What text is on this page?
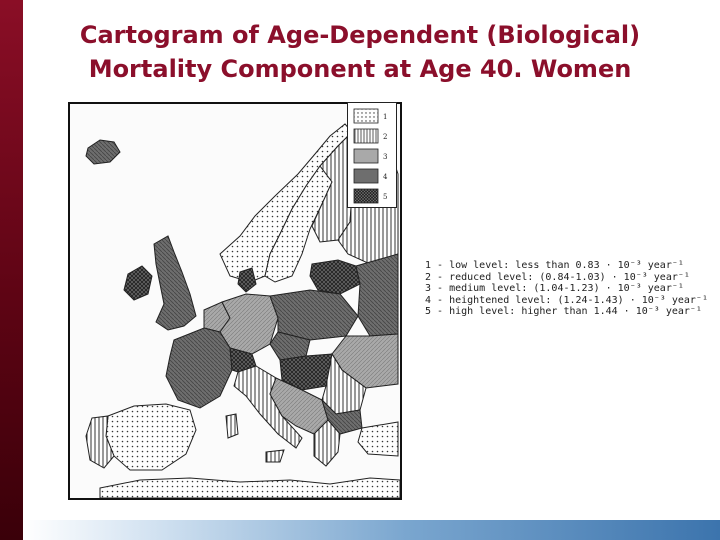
Cartogram of Age-Dependent (Biological)
Mortality Component at Age 40. Women
1
2
3
4
5
1 - low level: less than 0.83 · 10⁻³ year⁻¹
2 - reduced level: (0.84-1.03) · 10⁻³ year⁻¹
3 - medium level: (1.04-1.23) · 10⁻³ year⁻¹
4 - heightened level: (1.24-1.43) · 10⁻³ year⁻¹
5 - high level: higher than 1.44 · 10⁻³ year⁻¹
